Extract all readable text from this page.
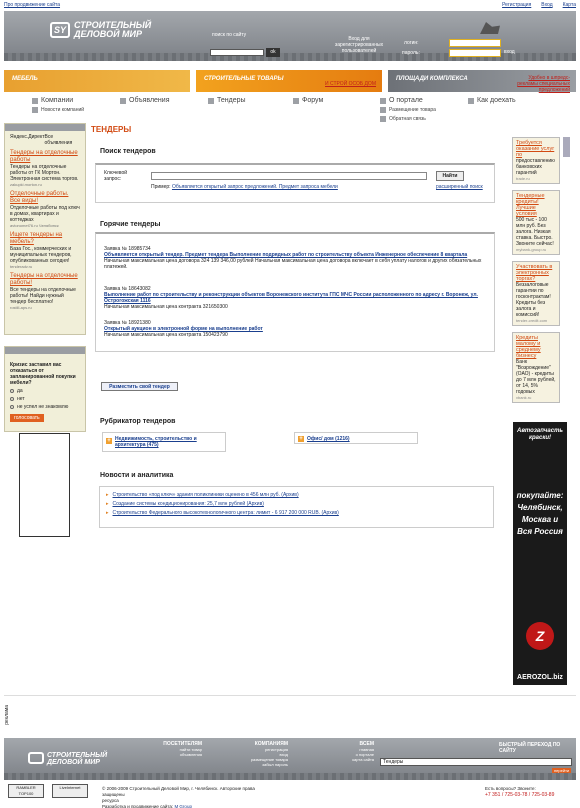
Про продвижение сайта	Регистрация Вход Карта
SY СТРОИТЕЛЬНЫЙ
ДЕЛОВОЙ МИР	поиск по сайту
ok
Вход для зарегистрированных пользователей
логин:
пароль:	вход
МЕБЕЛЬ	СТРОИТЕЛЬНЫЕ ТОВАРЫ
И СТРОЙ ОСОБ ДОМ
ПЛОЩАДИ КОМПЛЕКСА	Удобно в шпредс-рекламы специальных предложений
Компании
Новости компаний
Объявления	Тендеры	Форум	О портале
Размещение товара
Обратная связь
Как доехать
Яндекс.Директ Все объявления
Тендеры на отделочные работы
Тендеры на отделочные работы от ГК Мортон. Электронная система торгов.
zakupki.morton.ru
Отделочные работы. Все виды!
Отделочные работы под ключ в домах, квартирах и коттеджах
avtonomet76.ru Челябинск
Ищете тендеры на мебель?
База Гос., коммерческих и муниципальных тендеров, опубликованных сегодня!
tenderadv.ru
Тендеры на отделочные работы!
Все тендеры на отделочные работы! Найди нужный тендер бесплатно!
rostill-aps.ru
Кризис заставил вас отказаться от запланированной покупки мебели?
да
нет
не успел не знакомлю
голосовать
ТЕНДЕРЫ
Поиск тендеров
Ключевой запрос:	Найти
Пример: Объявляется открытый запрос предложений. Предмет запроса мебели	расширенный поиск
Горячие тендеры
Заявка № 18985734
Объявляется открытый тендер. Предмет тендера Выполнение подрядных работ по строительству объекта Инженерное обеспечение 8 квартала
Начальная максимальная цена договора 324 139 346,00 рублей Начальная максимальная цена договора включает в себя уплату налогов и других обязательных платежей.
Заявка № 18643082
Выполнение работ по строительству и реконструкции объектов Воронежского института ГПС МЧС России расположенного по адресу г. Воронеж, ул. Острогожская 1116
Начальная максимальная цена контракта 321650300
Заявка № 18921380
Открытый аукцион в электронной форме на выполнение работ
Начальная максимальная цена контракта 150423790
Разместить свой тендер
Рубрикатор тендеров
+ Недвижимость, строительство и архитектура (475)
+ Офис/ дом (1216)
Новости и аналитика
▸ Строительство «под ключ» здания поликлиники оценено в 456 млн руб. (Архив)
▸ Создание системы кондиционирования: 25,7 млн рублей (Архив)
▸ Строительство Федерального высокотехнологичного центра: лимит - 6 917 200 000 RUB. (Архив)
Требуется оказание услуг по
предоставлению банковских гарантий
trade.ru
Тендерные кредиты! Лучшие условия
500 тыс - 100 млн руб. Без залога. Низкая ставка. Быстро. Звоните сейчас!
mybank-group.ru
Участвовать в электронных торгах?
Беззалоговые гарантии по госконтрактам! Кредиты без залога и комиссий!
tender-credit.com
Кредиты малому и среднему бизнесу
Банк "Возрождение" (ОАО) - кредиты до 7 млн рублей, от 14, 5% годовых
vbank.ru
Автозапчасть краски!
покупайте: Челябинск, Москва и Вся Россия
Z
AEROZOL.biz
реклама
СТРОИТЕЛЬНЫЙ
ДЕЛОВОЙ МИР
ПОСЕТИТЕЛЯМ
найти товар
объявления
КОМПАНИЯМ
регистрация
вход
размещение товара
забыл пароль
ВСЕМ
главная
о портале
карта сайта
БЫСТРЫЙ ПЕРЕХОД ПО САЙТУ
Тендеры
перейти
RAMBLER TOP100
LiveInternet	© 2006-2009 Строительный Деловой Мир, г. Челябинск. Авторские права защищены
ресурса
Разработка и продвижение сайта: M Group
Есть вопросы? Звоните:
+7 351 / 725-03-78 / 725-03-89
